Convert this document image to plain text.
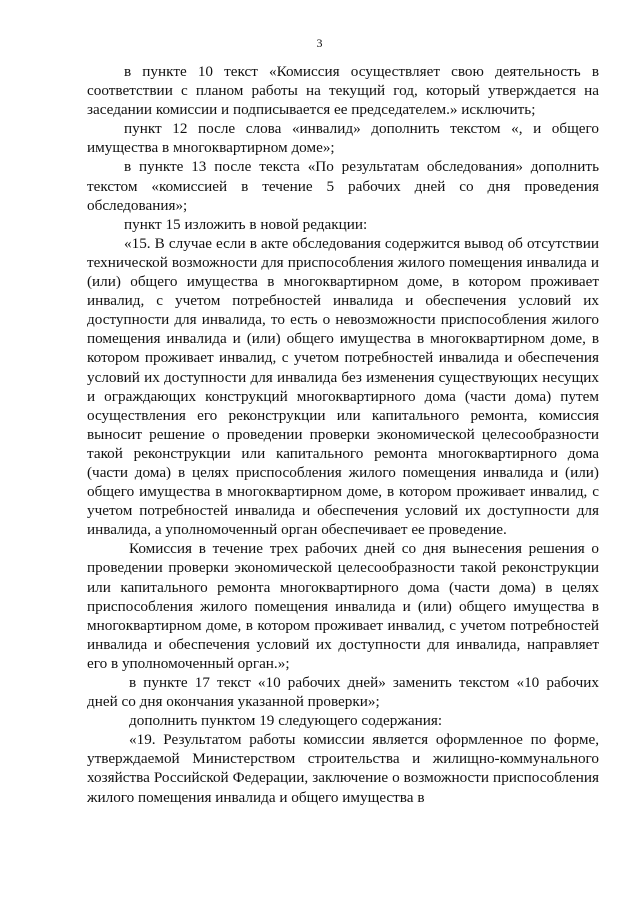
3

в пункте 10 текст «Комиссия осуществляет свою деятельность в соответствии с планом работы на текущий год, который утверждается на заседании комиссии и подписывается ее председателем.» исключить;

пункт 12 после слова «инвалид» дополнить текстом «, и общего имущества в многоквартирном доме»;

в пункте 13 после текста «По результатам обследования» дополнить текстом «комиссией в течение 5 рабочих дней со дня проведения обследования»;

пункт 15 изложить в новой редакции:

«15. В случае если в акте обследования содержится вывод об отсутствии технической возможности для приспособления жилого помещения инвалида и (или) общего имущества в многоквартирном доме, в котором проживает инвалид, с учетом потребностей инвалида и обеспечения условий их доступности для инвалида, то есть о невозможности приспособления жилого помещения инвалида и (или) общего имущества в многоквартирном доме, в котором проживает инвалид, с учетом потребностей инвалида и обеспечения условий их доступности для инвалида без изменения существующих несущих и ограждающих конструкций многоквартирного дома (части дома) путем осуществления его реконструкции или капитального ремонта, комиссия выносит решение о проведении проверки экономической целесообразности такой реконструкции или капитального ремонта многоквартирного дома (части дома) в целях приспособления жилого помещения инвалида и (или) общего имущества в многоквартирном доме, в котором проживает инвалид, с учетом потребностей инвалида и обеспечения условий их доступности для инвалида, а уполномоченный орган обеспечивает ее проведение.

Комиссия в течение трех рабочих дней со дня вынесения решения о проведении проверки экономической целесообразности такой реконструкции или капитального ремонта многоквартирного дома (части дома) в целях приспособления жилого помещения инвалида и (или) общего имущества в многоквартирном доме, в котором проживает инвалид, с учетом потребностей инвалида и обеспечения условий их доступности для инвалида, направляет его в уполномоченный орган.»;

в пункте 17 текст «10 рабочих дней» заменить текстом «10 рабочих дней со дня окончания указанной проверки»;

дополнить пунктом 19 следующего содержания:

«19. Результатом работы комиссии является оформленное по форме, утверждаемой Министерством строительства и жилищно-коммунального хозяйства Российской Федерации, заключение о возможности приспособления жилого помещения инвалида и общего имущества в
